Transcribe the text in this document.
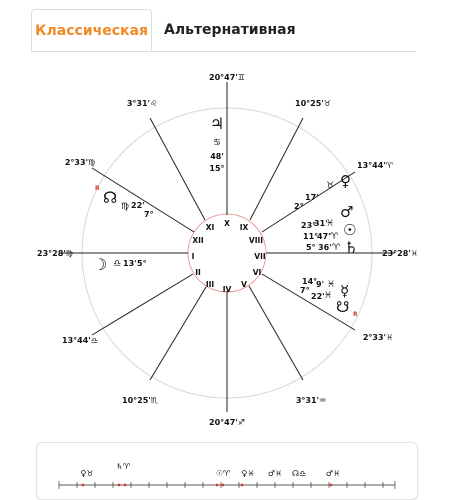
Классическая Альтернативная
20°47'♊
3°31'♌	10°25'♉
2°33'♍	13°44'♈
23°28'♍	23°28'♓
13°44'♎	2°33'♓
10°25'♏	3°31'♒
20°47'♐
I
II
III
IV
V
VI
VII
VIII
IX
X
XI
XII
♃
♋
48'
15°
R ☊ ♍ 22'
7°
☽ ♎ 13' 5°
♀
♉
17'
2° ♂
23°
31'
♓ ☉
11°
47' ♈
♄
5° 36' ♈
14°
9' ♓ ☿
7°
22' ♓
☋ R
♀♉
♄♈
☉♈ ♀♓ ♂♓ ☊♎ ♂♓
